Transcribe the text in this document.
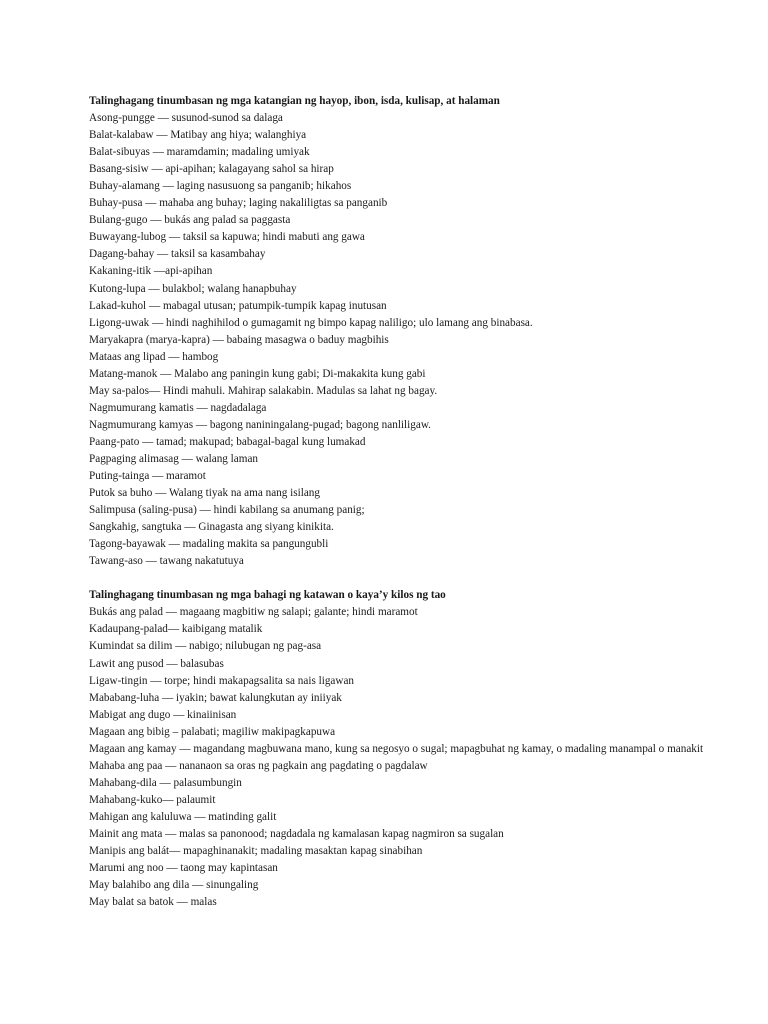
Talinghagang tinumbasan ng mga katangian ng hayop, ibon, isda, kulisap, at halaman

Asong-pungge — susunod-sunod sa dalaga

Balat-kalabaw — Matibay ang hiya; walanghiya

Balat-sibuyas — maramdamin; madaling umiyak

Basang-sisiw — api-apihan; kalagayang sahol sa hirap

Buhay-alamang — laging nasusuong sa panganib; hikahos

Buhay-pusa — mahaba ang buhay; laging nakaliligtas sa panganib

Bulang-gugo — bukás ang palad sa paggasta

Buwayang-lubog — taksil sa kapuwa; hindi mabuti ang gawa

Dagang-bahay — taksil sa kasambahay

Kakaning-itik —api-apihan

Kutong-lupa — bulakbol; walang hanapbuhay

Lakad-kuhol — mabagal utusan; patumpik-tumpik kapag inutusan

Ligong-uwak — hindi naghihilod o gumagamit ng bimpo kapag naliligo; ulo lamang ang binabasa.

Maryakapra (marya-kapra) — babaing masagwa o baduy magbihis

Mataas ang lipad — hambog

Matang-manok — Malabo ang paningin kung gabi; Di-makakita kung gabi

May sa-palos— Hindi mahuli. Mahirap salakabin. Madulas sa lahat ng bagay.

Nagmumurang kamatis — nagdadalaga

Nagmumurang kamyas — bagong naniningalang-pugad; bagong nanliligaw.

Paang-pato — tamad; makupad; babagal-bagal kung lumakad

Pagpaging alimasag — walang laman

Puting-tainga — maramot

Putok sa buho — Walang tiyak na ama nang isilang

Salimpusa (saling-pusa) — hindi kabilang sa anumang panig;

Sangkahig, sangtuka — Ginagasta ang siyang kinikita.

Tagong-bayawak — madaling makita sa pangungubli

Tawang-aso — tawang nakatutuya

Talinghagang tinumbasan ng mga bahagi ng katawan o kaya’y kilos ng tao

Bukás ang palad — magaang magbitiw ng salapi; galante; hindi maramot

Kadaupang-palad— kaibigang matalik

Kumindat sa dilim — nabigo; nilubugan ng pag-asa

Lawit ang pusod — balasubas

Ligaw-tingin — torpe; hindi makapagsalita sa nais ligawan

Mababang-luha — iyakin; bawat kalungkutan ay iniiyak

Mabigat ang dugo — kinaiinisan

Magaan ang bibig – palabati; magiliw makipagkapuwa

Magaan ang kamay — magandang magbuwana mano, kung sa negosyo o sugal; mapagbuhat ng kamay, o madaling manampal o manakit

Mahaba ang paa — nananaon sa oras ng pagkain ang pagdating o pagdalaw

Mahabang-dila — palasumbungin

Mahabang-kuko— palaumit

Mahigan ang kaluluwa — matinding galit

Mainit ang mata — malas sa panonood; nagdadala ng kamalasan kapag nagmiron sa sugalan

Manipis ang balát— mapaghinanakit; madaling masaktan kapag sinabihan

Marumi ang noo — taong may kapintasan

May balahibo ang dila — sinungaling

May balat sa batok — malas
